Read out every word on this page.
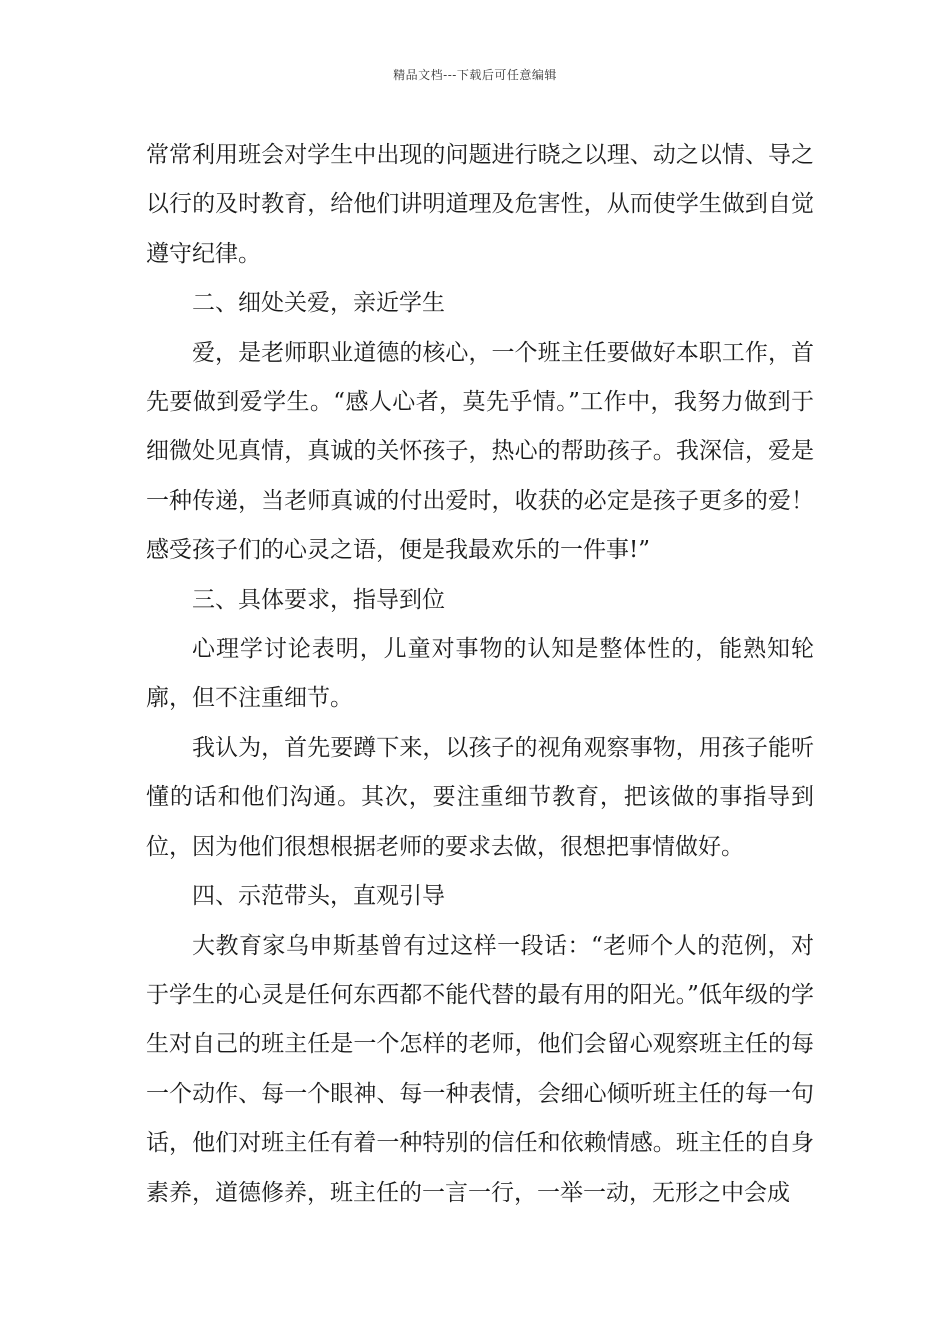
精品文档---下载后可任意编辑

常常利用班会对学生中出现的问题进行晓之以理、动之以情、导之以行的及时教育，给他们讲明道理及危害性，从而使学生做到自觉遵守纪律。

二、细处关爱，亲近学生

爱，是老师职业道德的核心，一个班主任要做好本职工作，首先要做到爱学生。“感人心者，莫先乎情。”工作中，我努力做到于细微处见真情，真诚的关怀孩子，热心的帮助孩子。我深信，爱是一种传递，当老师真诚的付出爱时，收获的必定是孩子更多的爱！感受孩子们的心灵之语，便是我最欢乐的一件事!”

三、具体要求，指导到位

心理学讨论表明，儿童对事物的认知是整体性的，能熟知轮廓，但不注重细节。

我认为，首先要蹲下来，以孩子的视角观察事物，用孩子能听懂的话和他们沟通。其次，要注重细节教育，把该做的事指导到位，因为他们很想根据老师的要求去做，很想把事情做好。

四、示范带头，直观引导

大教育家乌申斯基曾有过这样一段话：“老师个人的范例，对于学生的心灵是任何东西都不能代替的最有用的阳光。”低年级的学生对自己的班主任是一个怎样的老师，他们会留心观察班主任的每一个动作、每一个眼神、每一种表情，会细心倾听班主任的每一句话，他们对班主任有着一种特别的信任和依赖情感。班主任的自身素养，道德修养，班主任的一言一行，一举一动，无形之中会成
